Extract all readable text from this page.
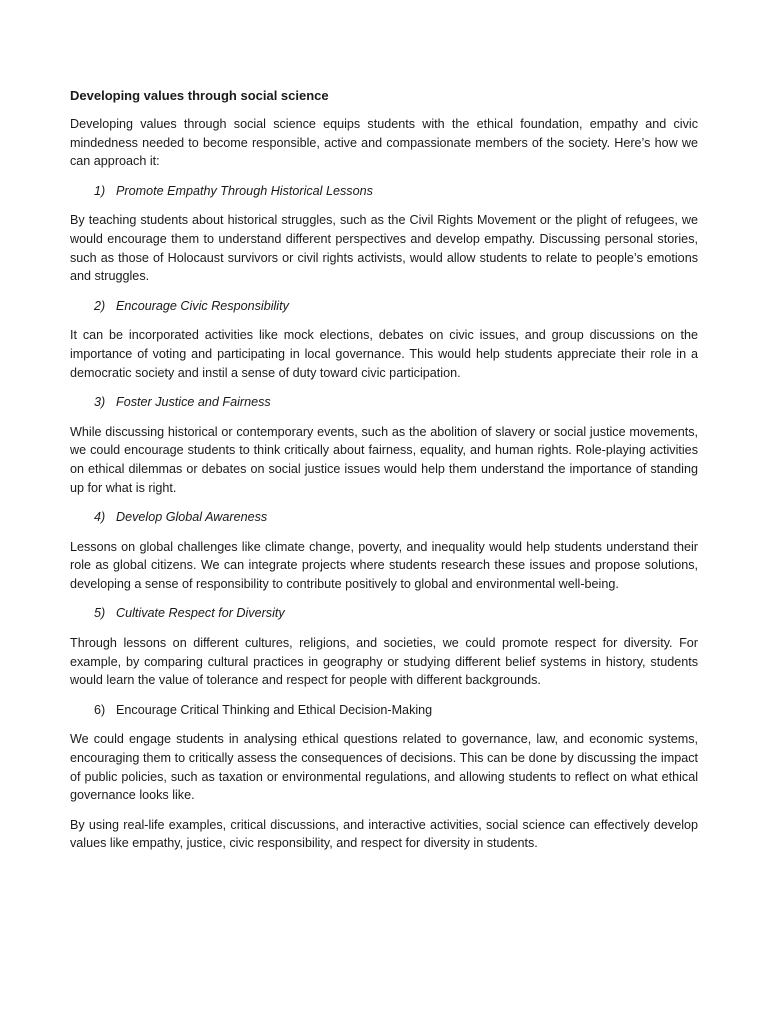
Developing values through social science
Developing values through social science equips students with the ethical foundation, empathy and civic mindedness needed to become responsible, active and compassionate members of the society. Here’s how we can approach it:
1) Promote Empathy Through Historical Lessons
By teaching students about historical struggles, such as the Civil Rights Movement or the plight of refugees, we would encourage them to understand different perspectives and develop empathy. Discussing personal stories, such as those of Holocaust survivors or civil rights activists, would allow students to relate to people’s emotions and struggles.
2) Encourage Civic Responsibility
It can be incorporated activities like mock elections, debates on civic issues, and group discussions on the importance of voting and participating in local governance. This would help students appreciate their role in a democratic society and instil a sense of duty toward civic participation.
3) Foster Justice and Fairness
While discussing historical or contemporary events, such as the abolition of slavery or social justice movements, we could encourage students to think critically about fairness, equality, and human rights. Role-playing activities on ethical dilemmas or debates on social justice issues would help them understand the importance of standing up for what is right.
4) Develop Global Awareness
Lessons on global challenges like climate change, poverty, and inequality would help students understand their role as global citizens. We can integrate projects where students research these issues and propose solutions, developing a sense of responsibility to contribute positively to global and environmental well-being.
5) Cultivate Respect for Diversity
Through lessons on different cultures, religions, and societies, we could promote respect for diversity. For example, by comparing cultural practices in geography or studying different belief systems in history, students would learn the value of tolerance and respect for people with different backgrounds.
6) Encourage Critical Thinking and Ethical Decision-Making
We could engage students in analysing ethical questions related to governance, law, and economic systems, encouraging them to critically assess the consequences of decisions. This can be done by discussing the impact of public policies, such as taxation or environmental regulations, and allowing students to reflect on what ethical governance looks like.
By using real-life examples, critical discussions, and interactive activities, social science can effectively develop values like empathy, justice, civic responsibility, and respect for diversity in students.
